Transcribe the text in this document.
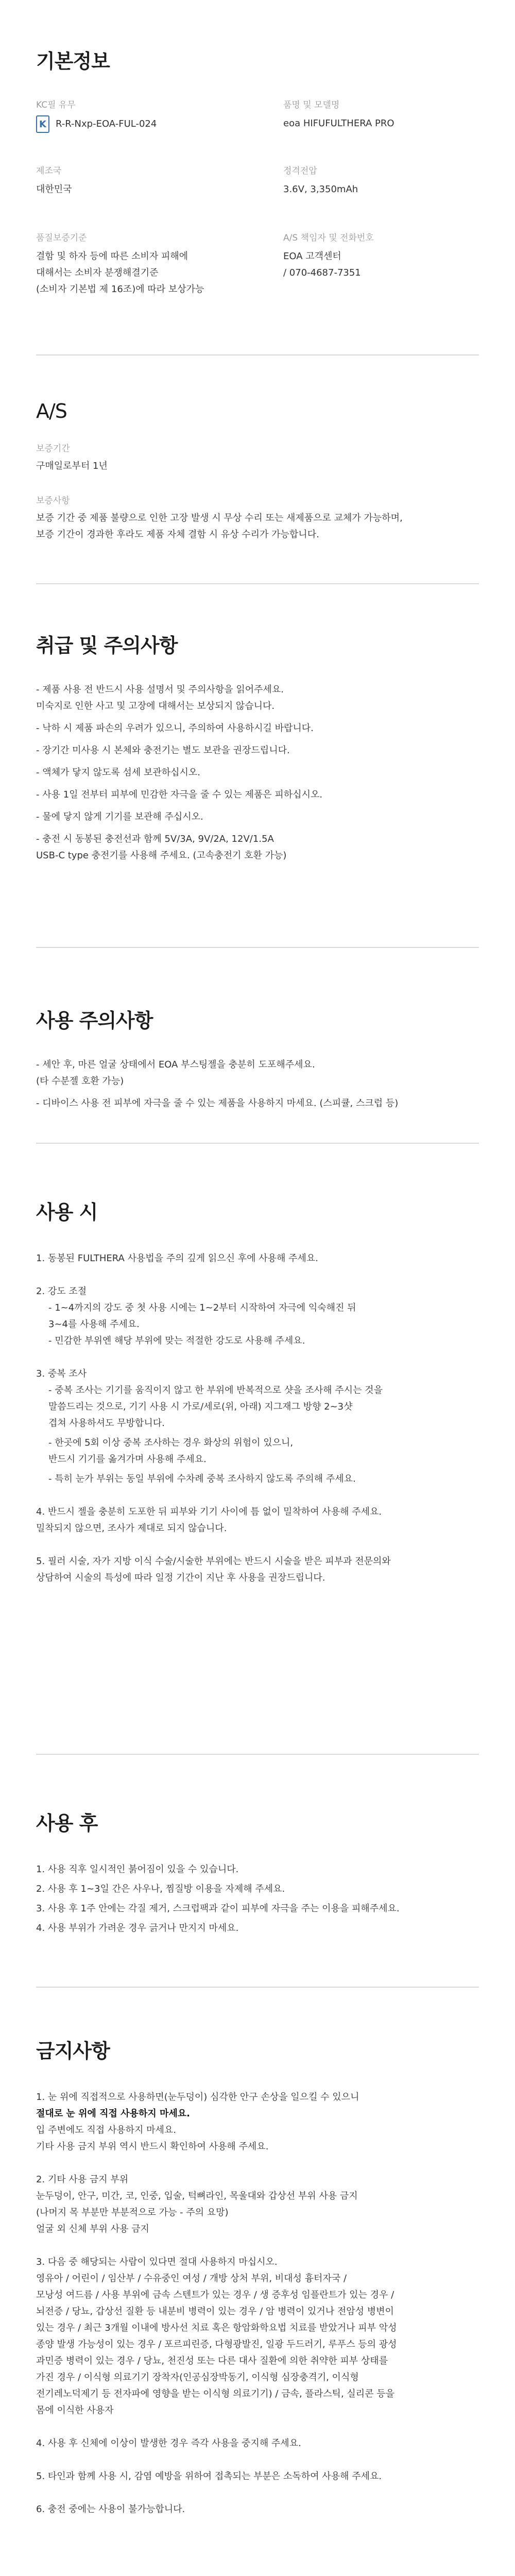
기본정보

KC필 유무

K	R-R-Nxp-EOA-FUL-024

품명 및 모델명

eoa HIFUFULTHERA PRO

제조국

대한민국

정격전압

3.6V, 3,350mAh

품질보증기준

결함 및 하자 등에 따른 소비자 피해에

대해서는 소비자 분쟁해결기준

(소비자 기본법 제 16조)에 따라 보상가능

A/S 책임자 및 전화번호

EOA 고객센터

/ 070-4687-7351

A/S

보증기간

구매일로부터 1년

보증사항

보증 기간 중 제품 불량으로 인한 고장 발생 시 무상 수리 또는 새제품으로 교체가 가능하며,

보증 기간이 경과한 후라도 제품 자체 결함 시 유상 수리가 가능합니다.

취급 및 주의사항
- 제품 사용 전 반드시 사용 설명서 및 주의사항을 읽어주세요.
미숙지로 인한 사고 및 고장에 대해서는 보상되지 않습니다.
- 낙하 시 제품 파손의 우려가 있으니, 주의하여 사용하시길 바랍니다.
- 장기간 미사용 시 본체와 충전기는 별도 보관을 권장드립니다.
- 액체가 닿지 않도록 섬세 보관하십시오.
- 사용 1일 전부터 피부에 민감한 자극을 줄 수 있는 제품은 피하십시오.
- 물에 닿지 않게 기기를 보관해 주십시오.
- 충전 시 동봉된 충전선과 함께 5V/3A, 9V/2A, 12V/1.5A
USB-C type 충전기를 사용해 주세요. (고속충전기 호환 가능)
사용 주의사항
- 세안 후, 마른 얼굴 상태에서 EOA 부스팅젤을 충분히 도포해주세요.
(타 수분젤 호환 가능)
- 디바이스 사용 전 피부에 자극을 줄 수 있는 제품을 사용하지 마세요. (스피큘, 스크럽 등)
사용 시

1. 동봉된 FULTHERA 사용법을 주의 깊게 읽으신 후에 사용해 주세요.

2. 강도 조절

- 1~4까지의 강도 중 첫 사용 시에는 1~2부터 시작하여 자극에 익숙해진 뒤
3~4를 사용해 주세요.
- 민감한 부위엔 해당 부위에 맞는 적절한 강도로 사용해 주세요.

3. 중복 조사

- 중복 조사는 기기를 움직이지 않고 한 부위에 반복적으로 샷을 조사해 주시는 것을
말씀드리는 것으로, 기기 사용 시 가로/세로(위, 아래) 지그재그 방향 2~3샷
겹쳐 사용하셔도 무방합니다.
- 한곳에 5회 이상 중복 조사하는 경우 화상의 위험이 있으니,
반드시 기기를 옮겨가며 사용해 주세요.
- 특히 눈가 부위는 동일 부위에 수차례 중복 조사하지 않도록 주의해 주세요.

4. 반드시 젤을 충분히 도포한 뒤 피부와 기기 사이에 틈 없이 밀착하여 사용해 주세요.
밀착되지 않으면, 조사가 제대로 되지 않습니다.

5. 필러 시술, 자가 지방 이식 수술/시술한 부위에는 반드시 시술을 받은 피부과 전문의와
상담하여 시술의 특성에 따라 일정 기간이 지난 후 사용을 권장드립니다.

사용 후

1. 사용 직후 일시적인 붉어짐이 있을 수 있습니다.

2. 사용 후 1~3일 간은 사우나, 찜질방 이용을 자제해 주세요.

3. 사용 후 1주 안에는 각질 제거, 스크럽팩과 같이 피부에 자극을 주는 이용을 피해주세요.

4. 사용 부위가 가려운 경우 긁거나 만지지 마세요.

금지사항

1. 눈 위에 직접적으로 사용하면(눈두덩이) 심각한 안구 손상을 일으킬 수 있으니

절대로 눈 위에 직접 사용하지 마세요.

입 주변에도 직접 사용하지 마세요.
기타 사용 금지 부위 역시 반드시 확인하여 사용해 주세요.

2. 기타 사용 금지 부위
눈두덩이, 안구, 미간, 코, 인중, 입술, 턱뼈라인, 목울대와 갑상선 부위 사용 금지
(나머지 목 부분만 부분적으로 가능 - 주의 요망)
얼굴 외 신체 부위 사용 금지

3. 다음 중 해당되는 사람이 있다면 절대 사용하지 마십시오.
영유아 / 어린이 / 임산부 / 수유중인 여성 / 개방 상처 부위, 비대성 흉터자국 /
모낭성 여드름 / 사용 부위에 금속 스텐트가 있는 경우 / 생 증후성 임플란트가 있는 경우 /
뇌전증 / 당뇨, 갑상선 질환 등 내분비 병력이 있는 경우 / 암 병력이 있거나 전암성 병변이
있는 경우 / 최근 3개월 이내에 방사선 치료 혹은 항암화학요법 치료를 받았거나 피부 악성
종양 발생 가능성이 있는 경우 / 포르피린증, 다형광발진, 일광 두드러기, 루푸스 등의 광성
과민증 병력이 있는 경우 / 당뇨, 천진성 또는 다른 대사 질환에 의한 취약한 피부 상태를
가진 경우 / 이식형 의료기기 장착자(인공심장박동기, 이식형 심장충격기, 이식형
전기레노덕제기 등 전자파에 영향을 받는 이식형 의료기기) / 금속, 플라스틱, 실리콘 등을
몸에 이식한 사용자

4. 사용 후 신체에 이상이 발생한 경우 즉각 사용을 중지해 주세요.

5. 타인과 함께 사용 시, 감염 예방을 위하여 접촉되는 부분은 소독하여 사용해 주세요.

6. 충전 중에는 사용이 불가능합니다.
